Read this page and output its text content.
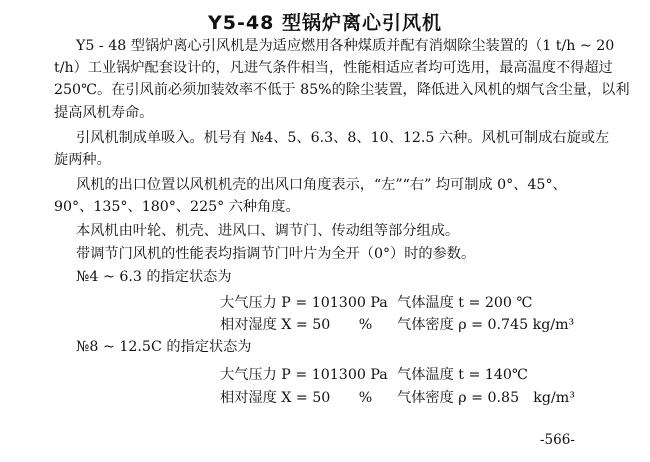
Y5-48 型锅炉离心引风机
Y5 - 48 型锅炉离心引风机是为适应燃用各种煤质并配有消烟除尘装置的（1 t/h ~ 20
t/h）工业锅炉配套设计的，凡进气条件相当，性能相适应者均可选用，最高温度不得超过
250℃。在引风前必须加装效率不低于 85%的除尘装置，降低进入风机的烟气含尘量，以利
提高风机寿命。
引风机制成单吸入。机号有 №4、5、6.3、8、10、12.5 六种。风机可制成右旋或左
旋两种。
风机的出口位置以风机机壳的出风口角度表示，“左”“右” 均可制成 0°、45°、
90°、135°、180°、225° 六种角度。
本风机由叶轮、机壳、进风口、调节门、传动组等部分组成。
带调节门风机的性能表均指调节门叶片为全开（0°）时的参数。
№4 ~ 6.3 的指定状态为
大气压力 P = 101300 Pa 气体温度 t = 200 ℃
相对湿度 X = 50　　% 气体密度 ρ = 0.745 kg/m³
№8 ~ 12.5C 的指定状态为
大气压力 P = 101300 Pa 气体温度 t = 140℃
相对湿度 X = 50　　% 气体密度 ρ = 0.85　kg/m³
-566-
